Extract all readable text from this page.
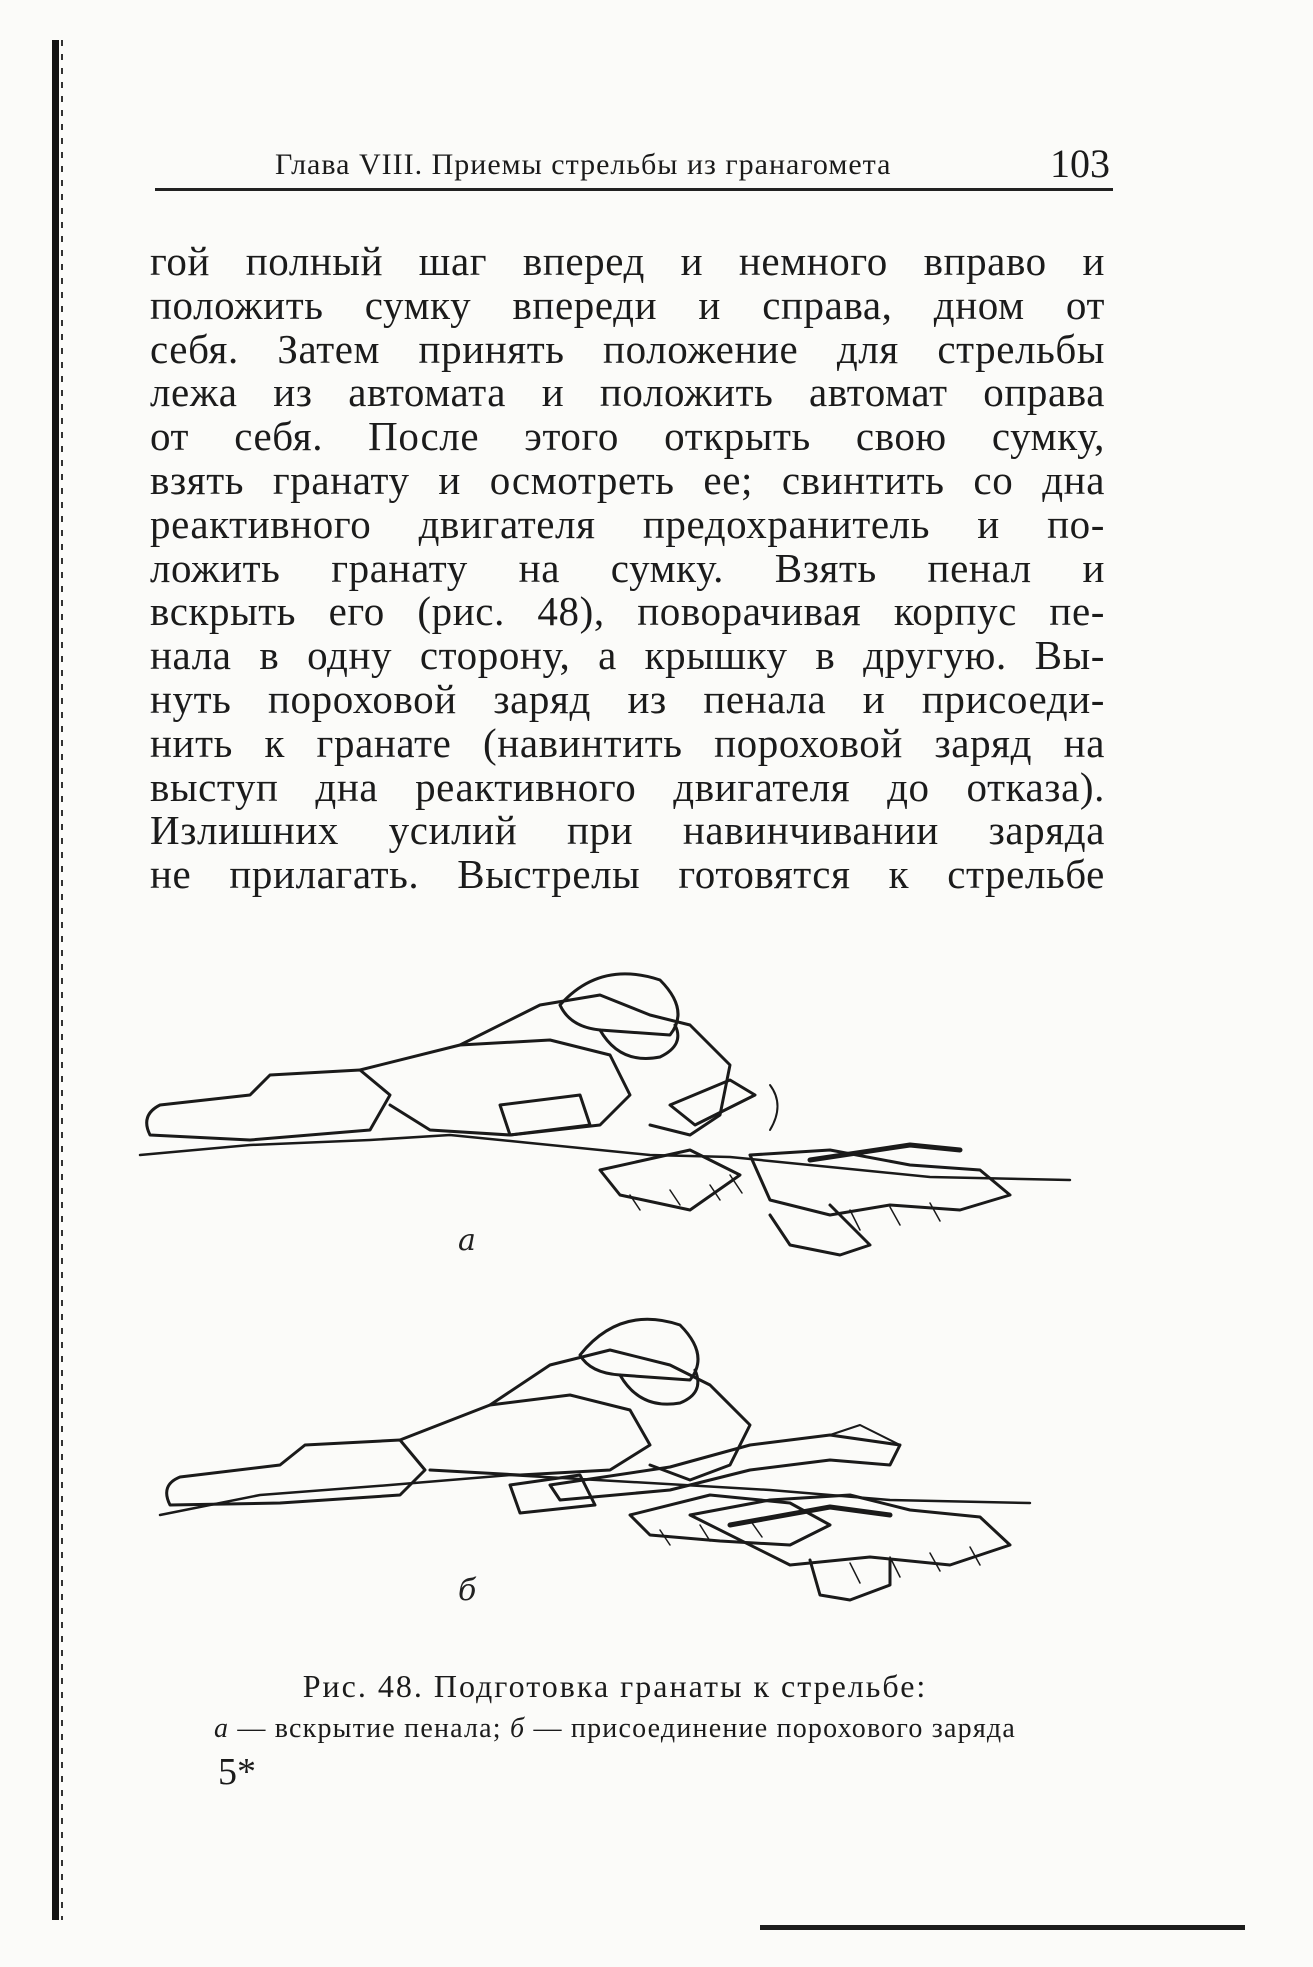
Глава VIII. Приемы стрельбы из гранагомета	103
гой полный шаг вперед и немного вправо и
положить сумку впереди и справа, дном от
себя. Затем принять положение для стрельбы
лежа из автомата и положить автомат оправа
от себя. После этого открыть свою сумку,
взять гранату и осмотреть ее; свинтить со дна
реактивного двигателя предохранитель и по-
ложить гранату на сумку. Взять пенал и
вскрыть его (рис. 48), поворачивая корпус пе-
нала в одну сторону, а крышку в другую. Вы-
нуть пороховой заряд из пенала и присоеди-
нить к гранате (навинтить пороховой заряд на
выступ дна реактивного двигателя до отказа).
Излишних усилий при навинчивании заряда
не прилагать. Выстрелы готовятся к стрельбе
а
б
Рис. 48. Подготовка гранаты к стрельбе:
а — вскрытие пенала; б — присоединение порохового заряда
5*
